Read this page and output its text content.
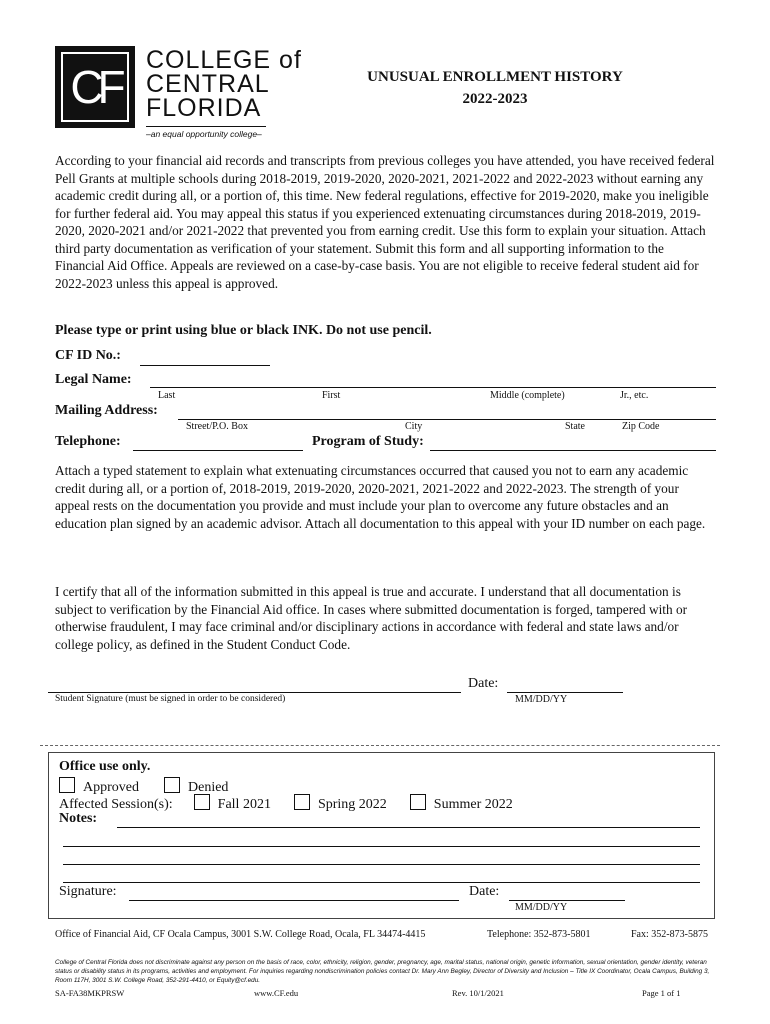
CF
COLLEGE of
CENTRAL
FLORIDA
–an equal opportunity college–
UNUSUAL ENROLLMENT HISTORY
2022-2023
According to your financial aid records and transcripts from previous colleges you have attended, you have received federal Pell Grants at multiple schools during 2018-2019, 2019-2020, 2020-2021, 2021-2022 and 2022-2023 without earning any academic credit during all, or a portion of, this time. New federal regulations, effective for 2019-2020, make you ineligible for further federal aid. You may appeal this status if you experienced extenuating circumstances during 2018-2019, 2019-2020, 2020-2021 and/or 2021-2022 that prevented you from earning credit. Use this form to explain your situation. Attach third party documentation as verification of your statement. Submit this form and all supporting information to the Financial Aid Office. Appeals are reviewed on a case-by-case basis. You are not eligible to receive federal student aid for 2022-2023 unless this appeal is approved.
Please type or print using blue or black INK. Do not use pencil.
CF ID No.:
Legal Name:
Last	First	Middle (complete)	Jr., etc.
Mailing Address:
Street/P.O. Box	City	State	Zip Code
Telephone:	Program of Study:
Attach a typed statement to explain what extenuating circumstances occurred that caused you not to earn any academic credit during all, or a portion of, 2018-2019, 2019-2020, 2020-2021, 2021-2022 and 2022-2023. The strength of your appeal rests on the documentation you provide and must include your plan to overcome any future obstacles and an education plan signed by an academic advisor. Attach all documentation to this appeal with your ID number on each page.
I certify that all of the information submitted in this appeal is true and accurate. I understand that all documentation is subject to verification by the Financial Aid office. In cases where submitted documentation is forged, tampered with or otherwise fraudulent, I may face criminal and/or disciplinary actions in accordance with federal and state laws and/or college policy, as defined in the Student Conduct Code.
Student Signature (must be signed in order to be considered)
Date:
MM/DD/YY
Office use only.
Approved	Denied
Affected Session(s):	Fall 2021	Spring 2022	Summer 2022
Notes:
Signature:	Date:
MM/DD/YY
Office of Financial Aid, CF Ocala Campus, 3001 S.W. College Road, Ocala, FL 34474-4415	Telephone: 352-873-5801	Fax: 352-873-5875
College of Central Florida does not discriminate against any person on the basis of race, color, ethnicity, religion, gender, pregnancy, age, marital status, national origin, genetic information, sexual orientation, gender identity, veteran status or disability status in its programs, activities and employment. For inquiries regarding nondiscrimination policies contact Dr. Mary Ann Begley, Director of Diversity and Inclusion – Title IX Coordinator, Ocala Campus, Building 3, Room 117H, 3001 S.W. College Road, 352-291-4410, or Equity@cf.edu.
SA-FA38MKPRSW	www.CF.edu	Rev. 10/1/2021	Page 1 of 1
